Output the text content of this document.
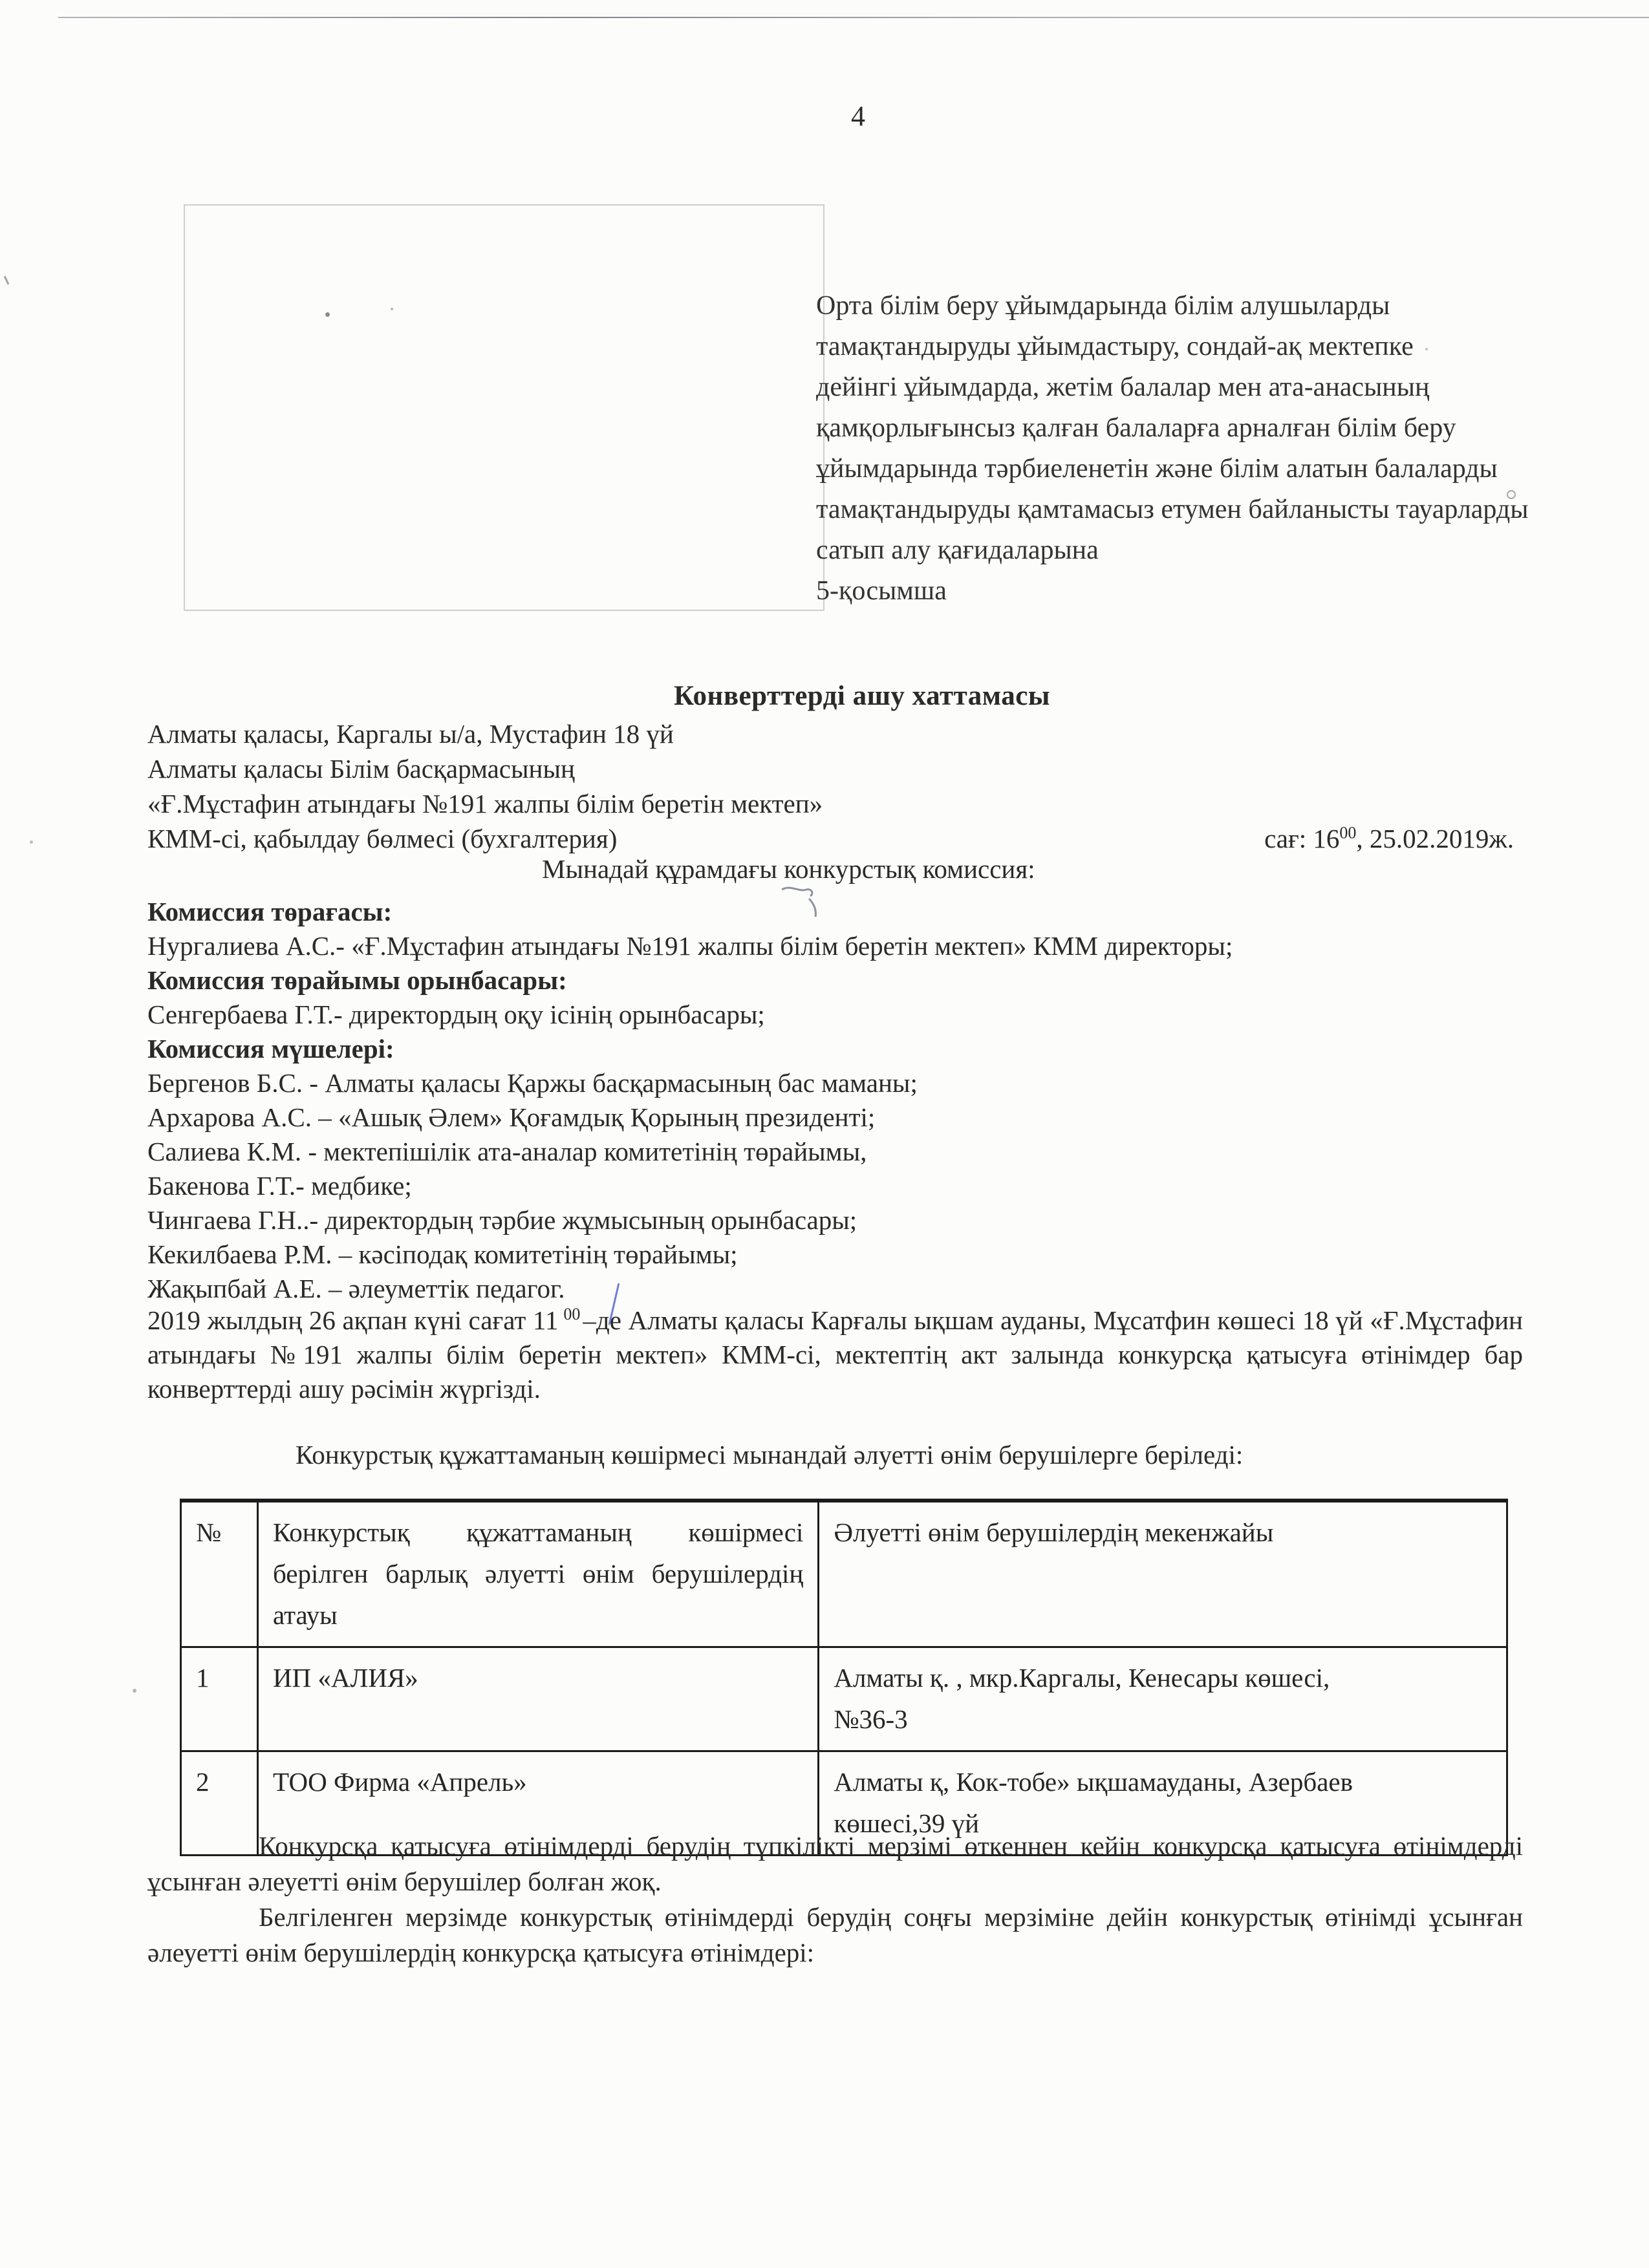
4
Орта білім беру ұйымдарында білім алушыларды
тамақтандыруды ұйымдастыру, сондай-ақ мектепке
дейінгі ұйымдарда, жетім балалар мен ата-анасының
қамқорлығынсыз қалған балаларға арналған білім беру
ұйымдарында тәрбиеленетін және білім алатын балаларды
тамақтандыруды қамтамасыз етумен байланысты тауарларды
сатып алу қағидаларына
5-қосымша
Конверттерді ашу хаттамасы
Алматы қаласы, Каргалы ы/а, Мустафин 18 үй
Алматы қаласы Білім басқармасының
«Ғ.Мұстафин атындағы №191 жалпы білім беретін мектеп»
КММ-сі, қабылдау бөлмесі (бухгалтерия)	сағ: $16^{00}$, 25.02.2019ж.
Мынадай құрамдағы конкурстық комиссия:
Комиссия төрағасы:
Нургалиева А.С.- «Ғ.Мұстафин атындағы №191 жалпы білім беретін мектеп» КММ директоры;
Комиссия төрайымы орынбасары:
Сенгербаева Г.Т.- директордың оқу ісінің орынбасары;
Комиссия мүшелері:
Бергенов Б.С. - Алматы қаласы Қаржы басқармасының бас маманы;
Архарова А.С. – «Ашық Әлем» Қоғамдық Қорының президенті;
Салиева К.М. - мектепішілік ата-аналар комитетінің төрайымы,
Бакенова Г.Т.- медбике;
Чингаева Г.Н..- директордың тәрбие жұмысының орынбасары;
Кекилбаева Р.М. – кәсіподақ комитетінің төрайымы;
Жақыпбай А.Е. – әлеуметтік педагог.
2019 жылдың 26 ақпан күні сағат 11 $^{00}$–де Алматы қаласы Карғалы ықшам ауданы, Мұсатфин көшесі 18 үй «Ғ.Мұстафин атындағы №191 жалпы білім беретін мектеп» КММ-сі, мектептің акт залында конкурсқа қатысуға өтінімдер бар конверттерді ашу рәсімін жүргізді.
Конкурстық құжаттаманың көшірмесі мынандай әлуетті өнім берушілерге беріледі:
№	Конкурстық құжаттаманың көшірмесі берілген барлық әлуетті өнім берушілердің атауы	Әлуетті өнім берушілердің мекенжайы
1	ИП «АЛИЯ»	Алматы қ. , мкр.Каргалы, Кенесары көшесі,
№36-3

2	ТОО Фирма «Апрель»	Алматы қ, Кок-тобе» ықшамауданы, Азербаев
көшесі,39 үй

Конкурсқа қатысуға өтінімдерді берудің түпкілікті мерзімі өткеннен кейін конкурсқа қатысуға өтінімдерді ұсынған әлеуетті өнім берушілер болған жоқ.

Белгіленген мерзімде конкурстық өтінімдерді берудің соңғы мерзіміне дейін конкурстық өтінімді ұсынған әлеуетті өнім берушілердің конкурсқа қатысуға өтінімдері:
